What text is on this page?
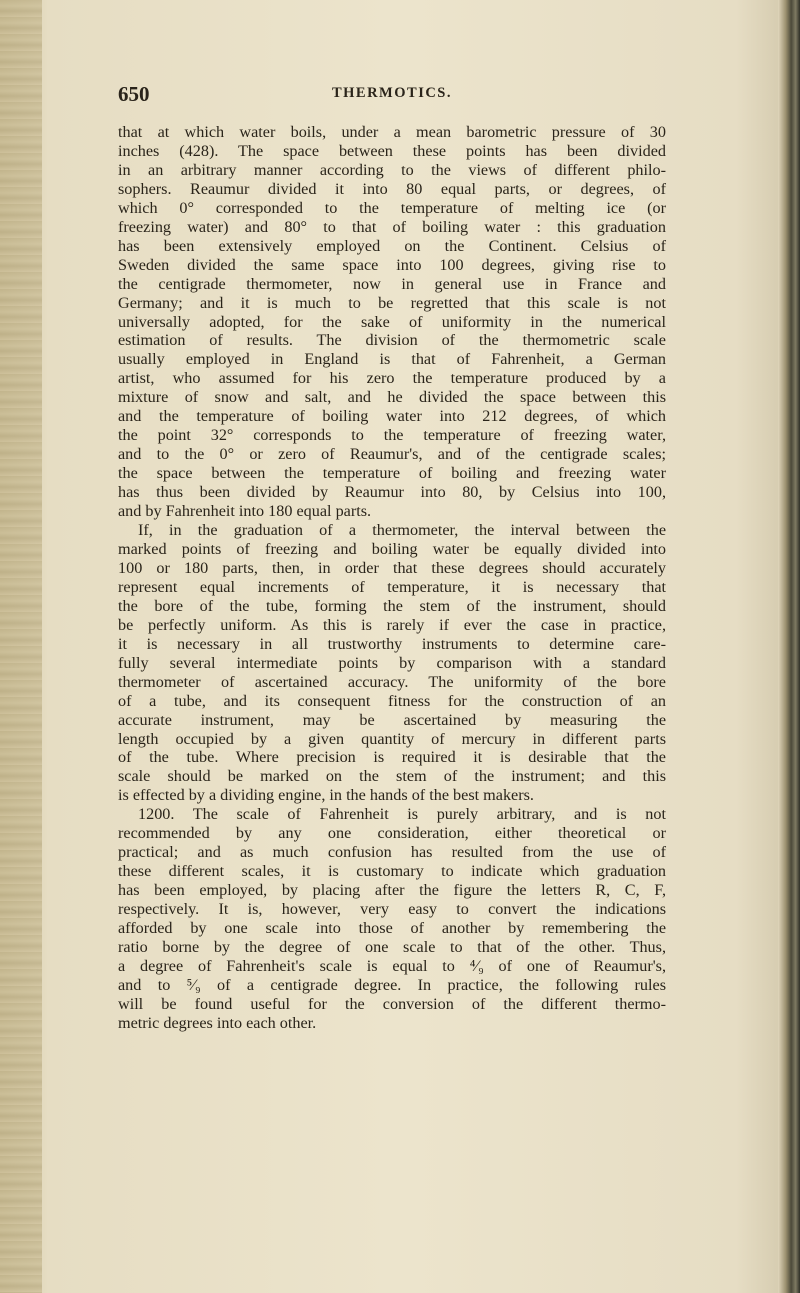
650	THERMOTICS.

that at which water boils, under a mean barometric pressure of 30
inches (428). The space between these points has been divided
in an arbitrary manner according to the views of different philo-
sophers. Reaumur divided it into 80 equal parts, or degrees, of
which 0° corresponded to the temperature of melting ice (or
freezing water) and 80° to that of boiling water : this graduation
has been extensively employed on the Continent. Celsius of
Sweden divided the same space into 100 degrees, giving rise to
the centigrade thermometer, now in general use in France and
Germany; and it is much to be regretted that this scale is not
universally adopted, for the sake of uniformity in the numerical
estimation of results. The division of the thermometric scale
usually employed in England is that of Fahrenheit, a German
artist, who assumed for his zero the temperature produced by a
mixture of snow and salt, and he divided the space between this
and the temperature of boiling water into 212 degrees, of which
the point 32° corresponds to the temperature of freezing water,
and to the 0° or zero of Reaumur's, and of the centigrade scales;
the space between the temperature of boiling and freezing water
has thus been divided by Reaumur into 80, by Celsius into 100,
and by Fahrenheit into 180 equal parts.

If, in the graduation of a thermometer, the interval between the
marked points of freezing and boiling water be equally divided into
100 or 180 parts, then, in order that these degrees should accurately
represent equal increments of temperature, it is necessary that
the bore of the tube, forming the stem of the instrument, should
be perfectly uniform. As this is rarely if ever the case in practice,
it is necessary in all trustworthy instruments to determine care-
fully several intermediate points by comparison with a standard
thermometer of ascertained accuracy. The uniformity of the bore
of a tube, and its consequent fitness for the construction of an
accurate instrument, may be ascertained by measuring the
length occupied by a given quantity of mercury in different parts
of the tube. Where precision is required it is desirable that the
scale should be marked on the stem of the instrument; and this
is effected by a dividing engine, in the hands of the best makers.

1200. The scale of Fahrenheit is purely arbitrary, and is not
recommended by any one consideration, either theoretical or
practical; and as much confusion has resulted from the use of
these different scales, it is customary to indicate which graduation
has been employed, by placing after the figure the letters R, C, F,
respectively. It is, however, very easy to convert the indications
afforded by one scale into those of another by remembering the
ratio borne by the degree of one scale to that of the other. Thus,
a degree of Fahrenheit's scale is equal to ⁴⁄₉ of one of Reaumur's,
and to ⁵⁄₉ of a centigrade degree. In practice, the following rules
will be found useful for the conversion of the different thermo-
metric degrees into each other.
